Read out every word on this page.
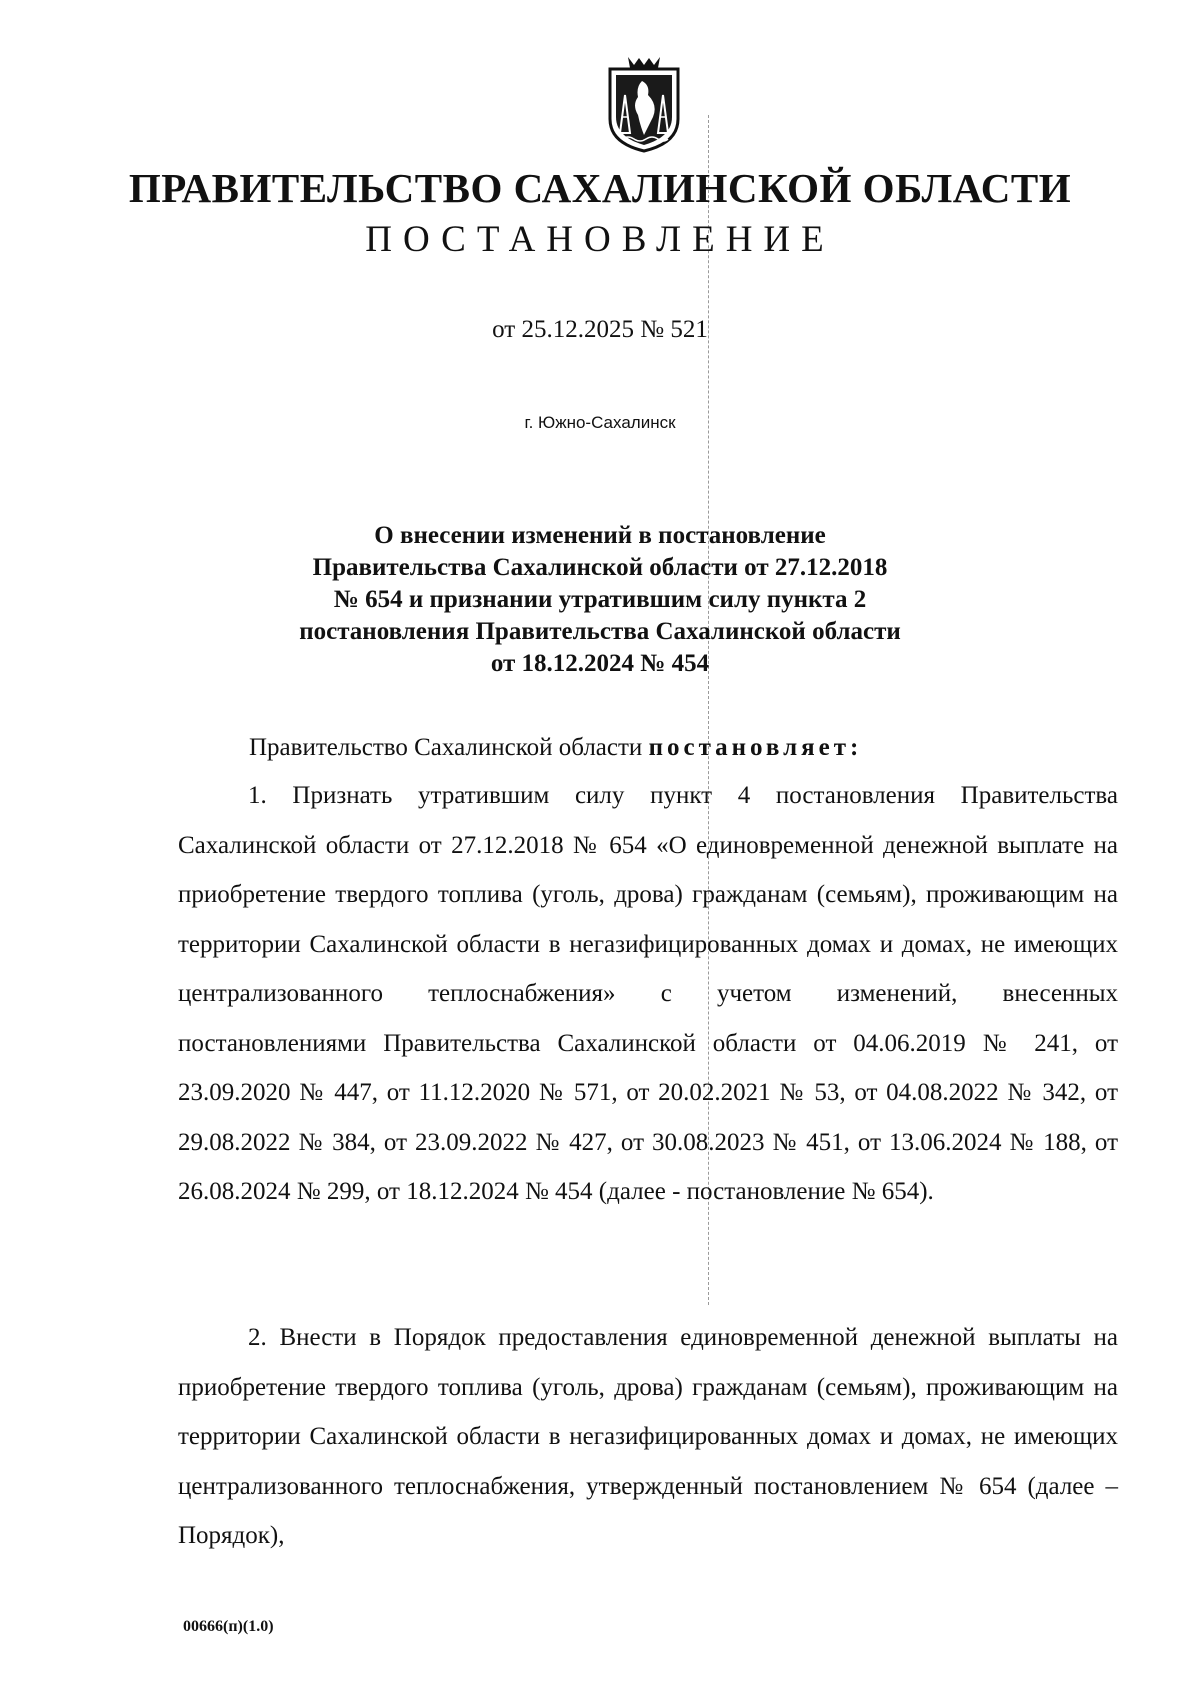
ПРАВИТЕЛЬСТВО САХАЛИНСКОЙ ОБЛАСТИ
ПОСТАНОВЛЕНИЕ
от 25.12.2025 № 521
г. Южно-Сахалинск
О внесении изменений в постановление
Правительства Сахалинской области от 27.12.2018
№ 654 и признании утратившим силу пункта 2
постановления Правительства Сахалинской области
от 18.12.2024 № 454
Правительство Сахалинской области постановляет:

1. Признать утратившим силу пункт 4 постановления Правительства Сахалинской области от 27.12.2018 № 654 «О единовременной денежной выплате на приобретение твердого топлива (уголь, дрова) гражданам (семьям), проживающим на территории Сахалинской области в негазифицированных домах и домах, не имеющих централизованного теплоснабжения» с учетом изменений, внесенных постановлениями Правительства Сахалинской области от 04.06.2019 № 241, от 23.09.2020 № 447, от 11.12.2020 № 571, от 20.02.2021 № 53, от 04.08.2022 № 342, от 29.08.2022 № 384, от 23.09.2022 № 427, от 30.08.2023 № 451, от 13.06.2024 № 188, от 26.08.2024 № 299, от 18.12.2024 № 454 (далее - постановление № 654).

2. Внести в Порядок предоставления единовременной денежной выплаты на приобретение твердого топлива (уголь, дрова) гражданам (семьям), проживающим на территории Сахалинской области в негазифицированных домах и домах, не имеющих централизованного теплоснабжения, утвержденный постановлением № 654 (далее – Порядок),

00666(п)(1.0)
